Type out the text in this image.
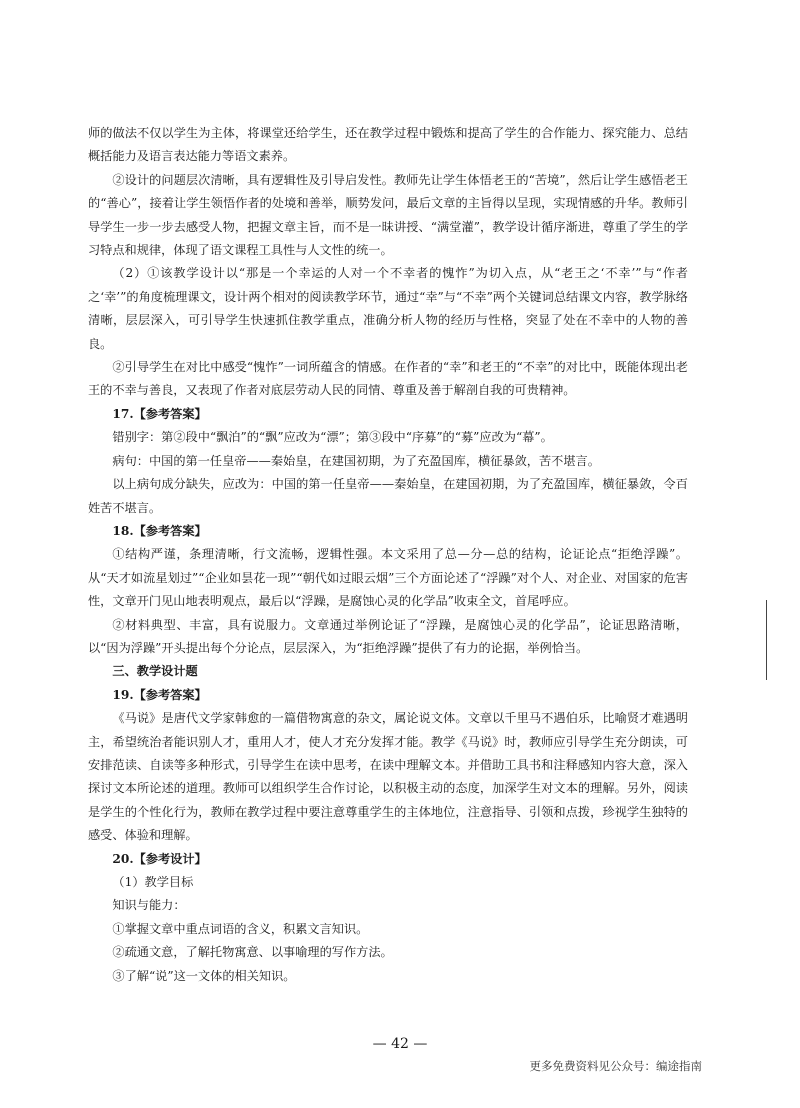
师的做法不仅以学生为主体，将课堂还给学生，还在教学过程中锻炼和提高了学生的合作能力、探究能力、总结概括能力及语言表达能力等语文素养。

②设计的问题层次清晰，具有逻辑性及引导启发性。教师先让学生体悟老王的“苦境”，然后让学生感悟老王的“善心”，接着让学生领悟作者的处境和善举，顺势发问，最后文章的主旨得以呈现，实现情感的升华。教师引导学生一步一步去感受人物，把握文章主旨，而不是一昧讲授、“满堂灌”，教学设计循序渐进，尊重了学生的学习特点和规律，体现了语文课程工具性与人文性的统一。

（2）①该教学设计以“那是一个幸运的人对一个不幸者的愧怍”为切入点，从“老王之‘不幸’”与“作者之‘幸’”的角度梳理课文，设计两个相对的阅读教学环节，通过“幸”与“不幸”两个关键词总结课文内容，教学脉络清晰，层层深入，可引导学生快速抓住教学重点，准确分析人物的经历与性格，突显了处在不幸中的人物的善良。

②引导学生在对比中感受“愧怍”一词所蕴含的情感。在作者的“幸”和老王的“不幸”的对比中，既能体现出老王的不幸与善良，又表现了作者对底层劳动人民的同情、尊重及善于解剖自我的可贵精神。

17.【参考答案】

错别字：第②段中“飘泊”的“飘”应改为“漂”；第③段中“序募”的“募”应改为“幕”。

病句：中国的第一任皇帝——秦始皇，在建国初期，为了充盈国库，横征暴敛，苦不堪言。

以上病句成分缺失，应改为：中国的第一任皇帝——秦始皇，在建国初期，为了充盈国库，横征暴敛，令百姓苦不堪言。

18.【参考答案】

①结构严谨，条理清晰，行文流畅，逻辑性强。本文采用了总—分—总的结构，论证论点“拒绝浮躁”。从“天才如流星划过”“企业如昙花一现”“朝代如过眼云烟”三个方面论述了“浮躁”对个人、对企业、对国家的危害性，文章开门见山地表明观点，最后以“浮躁，是腐蚀心灵的化学品”收束全文，首尾呼应。

②材料典型、丰富，具有说服力。文章通过举例论证了“浮躁，是腐蚀心灵的化学品”，论证思路清晰，以“因为浮躁”开头提出每个分论点，层层深入，为“拒绝浮躁”提供了有力的论据，举例恰当。

三、教学设计题

19.【参考答案】

《马说》是唐代文学家韩愈的一篇借物寓意的杂文，属论说文体。文章以千里马不遇伯乐，比喻贤才难遇明主，希望统治者能识别人才，重用人才，使人才充分发挥才能。教学《马说》时，教师应引导学生充分朗读，可安排范读、自读等多种形式，引导学生在读中思考，在读中理解文本。并借助工具书和注释感知内容大意，深入探讨文本所论述的道理。教师可以组织学生合作讨论，以积极主动的态度，加深学生对文本的理解。另外，阅读是学生的个性化行为，教师在教学过程中要注意尊重学生的主体地位，注意指导、引领和点拨，珍视学生独特的感受、体验和理解。

20.【参考设计】

（1）教学目标

知识与能力：

①掌握文章中重点词语的含义，积累文言知识。

②疏通文意，了解托物寓意、以事喻理的写作方法。

③了解“说”这一文体的相关知识。

— 42 —
更多免费资料见公众号：编途指南
